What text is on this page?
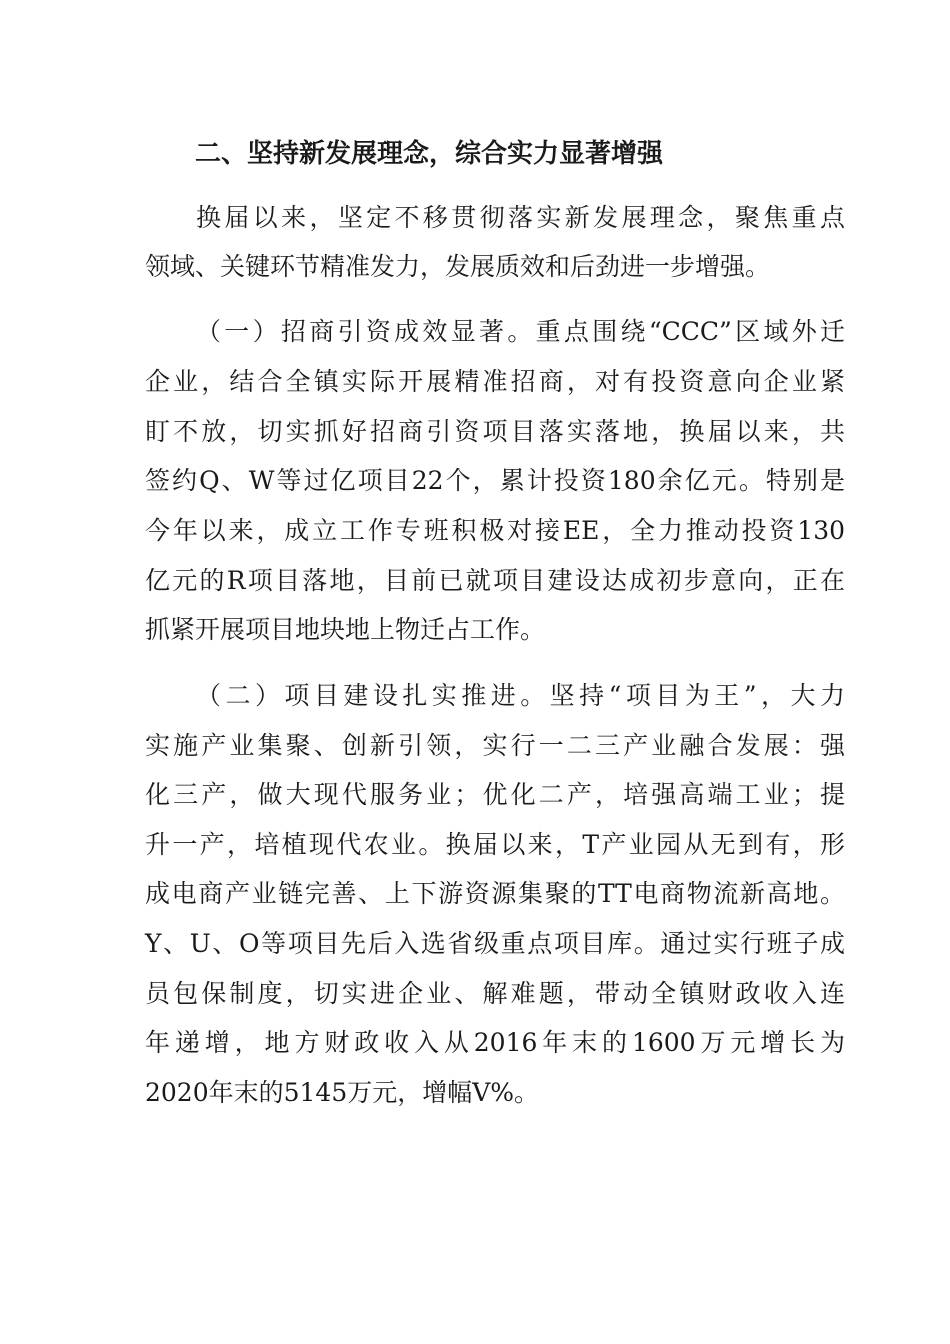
二、坚持新发展理念，综合实力显著增强

换届以来，坚定不移贯彻落实新发展理念，聚焦重点

领域、关键环节精准发力，发展质效和后劲进一步增强。

（一）招商引资成效显著。重点围绕“CCC”区域外迁

企业，结合全镇实际开展精准招商，对有投资意向企业紧

盯不放，切实抓好招商引资项目落实落地，换届以来，共

签约Q、W等过亿项目22个，累计投资180余亿元。特别是

今年以来，成立工作专班积极对接EE，全力推动投资130

亿元的R项目落地，目前已就项目建设达成初步意向，正在

抓紧开展项目地块地上物迁占工作。

（二）项目建设扎实推进。坚持“项目为王”，大力

实施产业集聚、创新引领，实行一二三产业融合发展：强

化三产，做大现代服务业；优化二产，培强高端工业；提

升一产，培植现代农业。换届以来，T产业园从无到有，形

成电商产业链完善、上下游资源集聚的TT电商物流新高地。

Y、U、O等项目先后入选省级重点项目库。通过实行班子成

员包保制度，切实进企业、解难题，带动全镇财政收入连

年递增，地方财政收入从2016年末的1600万元增长为

2020年末的5145万元，增幅V%。
